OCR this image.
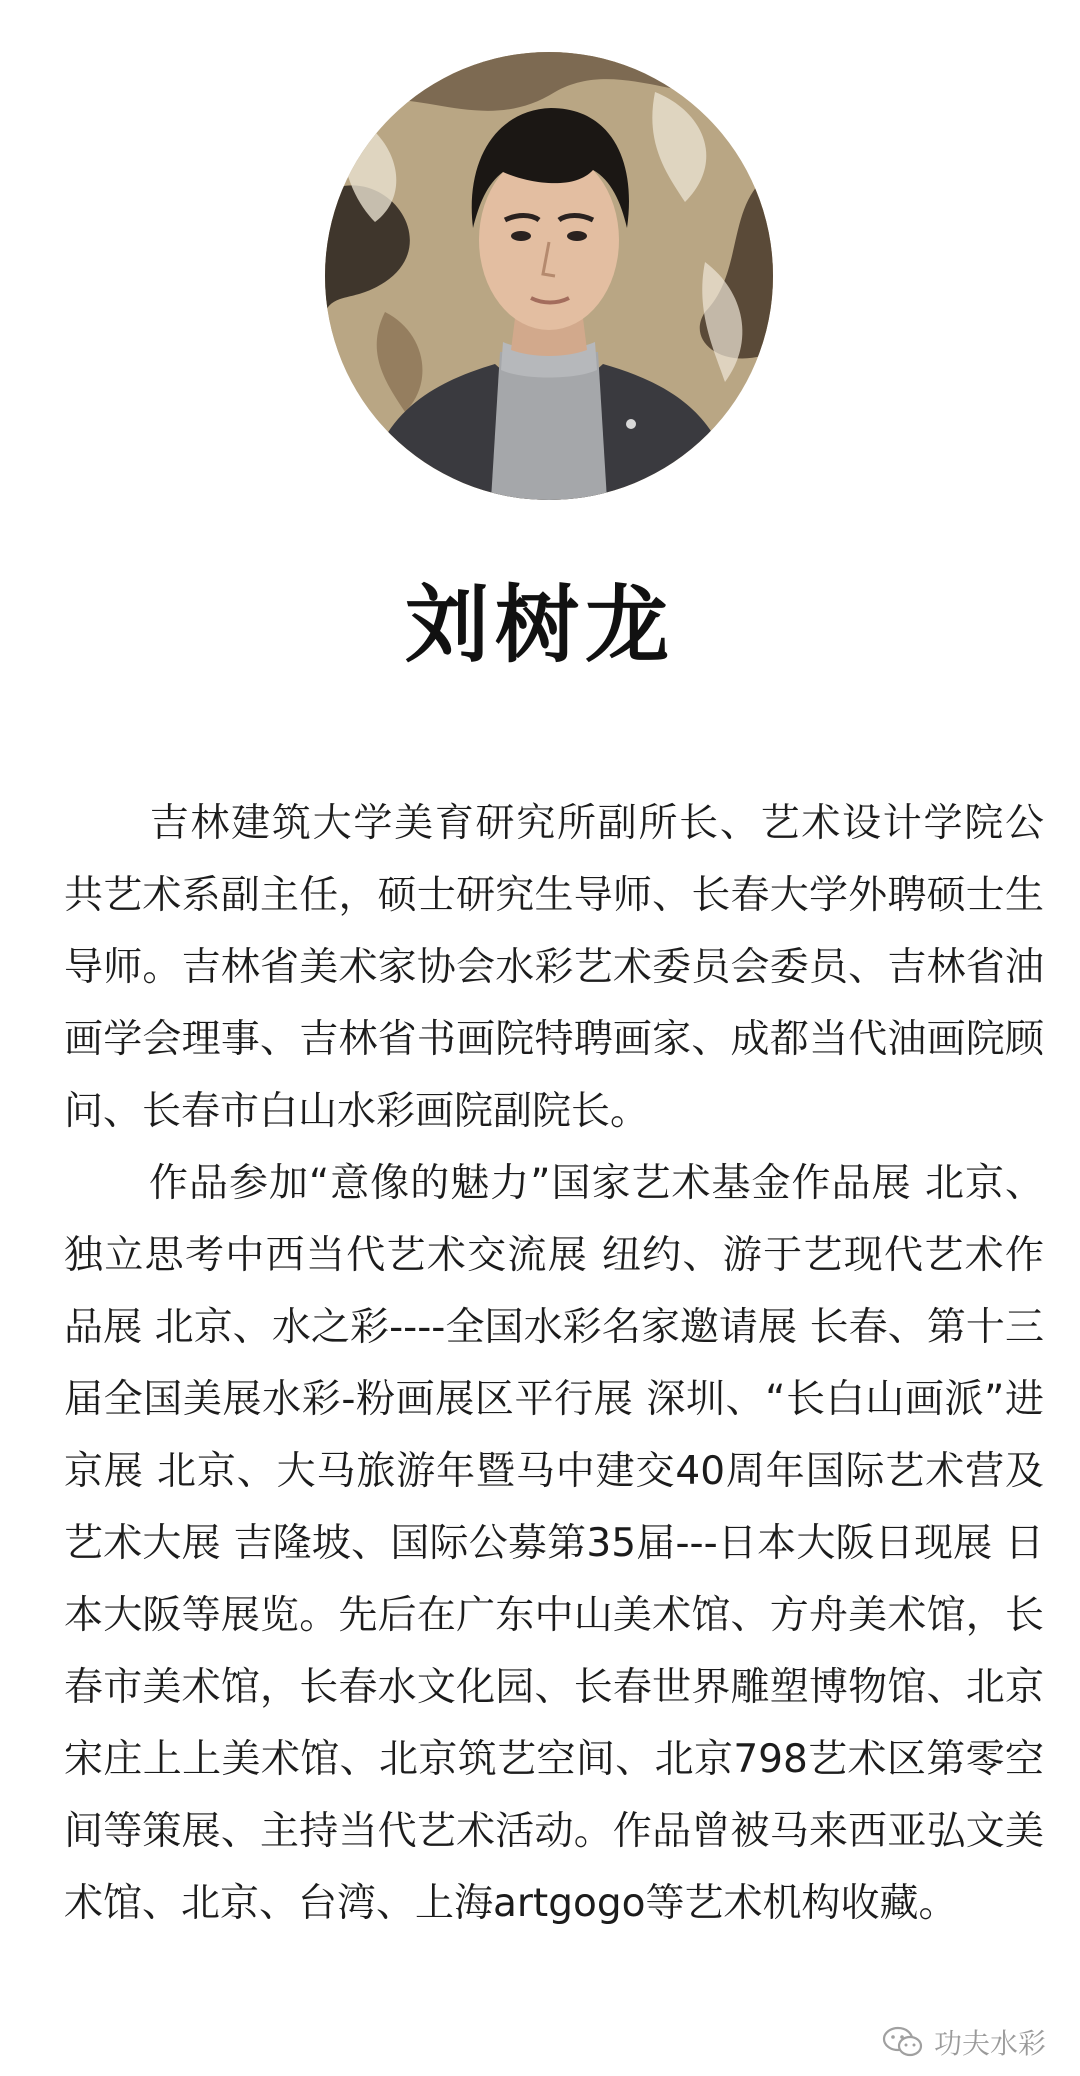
刘树龙

吉林建筑大学美育研究所副所长、艺术设计学院公共艺术系副主任，硕士研究生导师、长春大学外聘硕士生导师。吉林省美术家协会水彩艺术委员会委员、吉林省油画学会理事、吉林省书画院特聘画家、成都当代油画院顾问、长春市白山水彩画院副院长。

作品参加“意像的魅力”国家艺术基金作品展 北京、独立思考中西当代艺术交流展 纽约、游于艺现代艺术作品展 北京、水之彩----全国水彩名家邀请展 长春、第十三届全国美展水彩-粉画展区平行展 深圳、“长白山画派”进京展 北京、大马旅游年暨马中建交40周年国际艺术营及艺术大展 吉隆坡、国际公募第35届---日本大阪日现展 日本大阪等展览。先后在广东中山美术馆、方舟美术馆，长春市美术馆，长春水文化园、长春世界雕塑博物馆、北京宋庄上上美术馆、北京筑艺空间、北京798艺术区第零空间等策展、主持当代艺术活动。作品曾被马来西亚弘文美术馆、北京、台湾、上海artgogo等艺术机构收藏。

功夫水彩
